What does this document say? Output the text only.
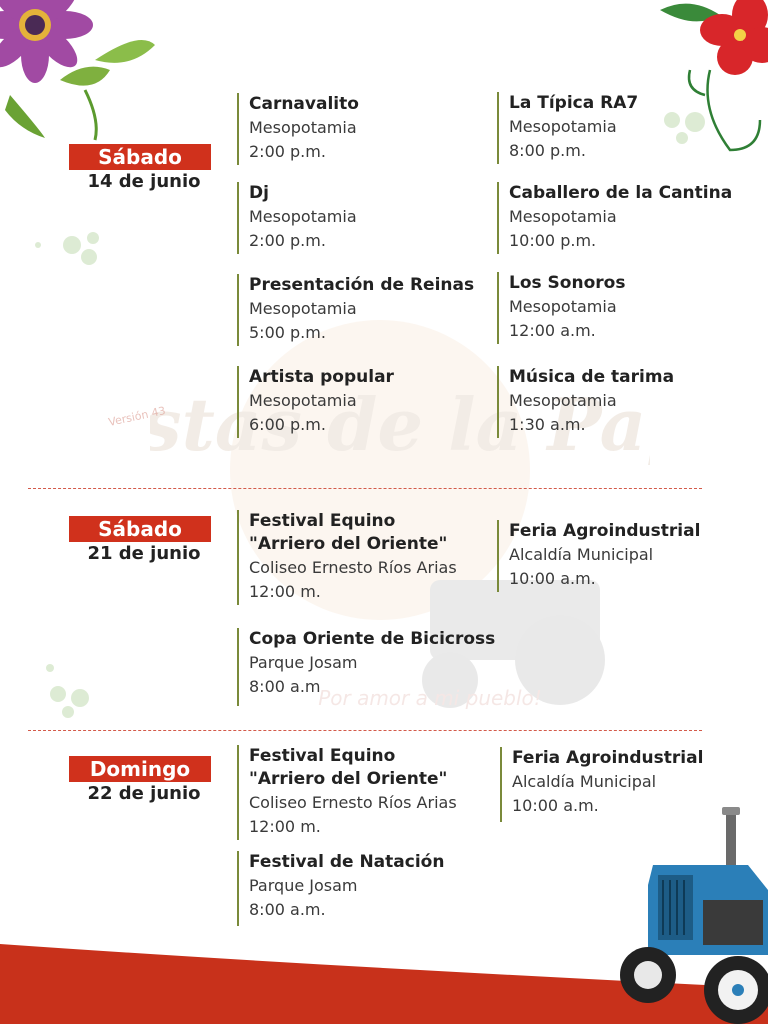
stas de la Pa
Por amor a mi pueblo!
Versión 43
Sábado
14 de junio
Carnavalito
Mesopotamia
2:00 p.m.
Dj
Mesopotamia
2:00 p.m.
Presentación de Reinas
Mesopotamia
5:00 p.m.
Artista popular
Mesopotamia
6:00 p.m.
La Típica RA7
Mesopotamia
8:00 p.m.
Caballero de la Cantina
Mesopotamia
10:00 p.m.
Los Sonoros
Mesopotamia
12:00 a.m.
Música de tarima
Mesopotamia
1:30 a.m.
Sábado
21 de junio
Festival Equino
"Arriero del Oriente"
Coliseo Ernesto Ríos Arias
12:00 m.
Copa Oriente de Bicicross
Parque Josam
8:00 a.m
Feria Agroindustrial
Alcaldía Municipal
10:00 a.m.
Domingo
22 de junio
Festival Equino
"Arriero del Oriente"
Coliseo Ernesto Ríos Arias
12:00 m.
Festival de Natación
Parque Josam
8:00 a.m.
Feria Agroindustrial
Alcaldía Municipal
10:00 a.m.
